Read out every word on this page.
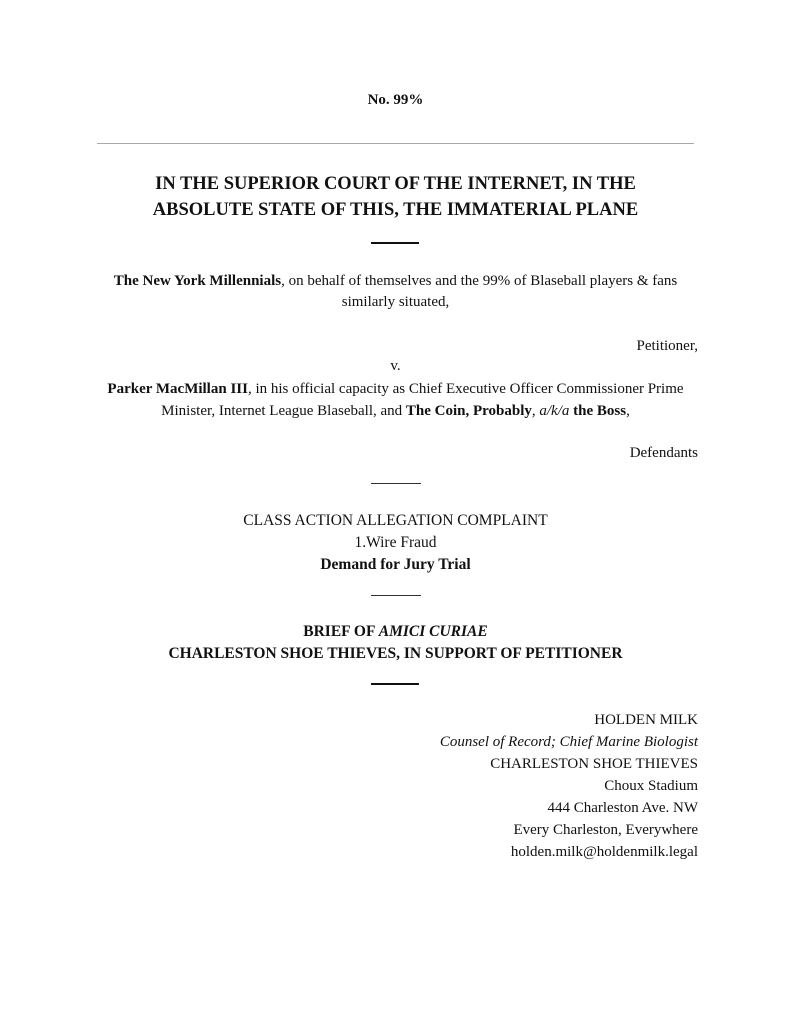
No. 99%
IN THE SUPERIOR COURT OF THE INTERNET, IN THE
ABSOLUTE STATE OF THIS, THE IMMATERIAL PLANE
The New York Millennials, on behalf of themselves and the 99% of Blaseball players & fans
similarly situated,
Petitioner,
v.
Parker MacMillan III, in his official capacity as Chief Executive Officer Commissioner Prime
Minister, Internet League Blaseball, and The Coin, Probably, a/k/a the Boss,
Defendants
CLASS ACTION ALLEGATION COMPLAINT
1.Wire Fraud
Demand for Jury Trial
BRIEF OF AMICI CURIAE
CHARLESTON SHOE THIEVES, IN SUPPORT OF PETITIONER
HOLDEN MILK
Counsel of Record; Chief Marine Biologist
CHARLESTON SHOE THIEVES
Choux Stadium
444 Charleston Ave. NW
Every Charleston, Everywhere
holden.milk@holdenmilk.legal
